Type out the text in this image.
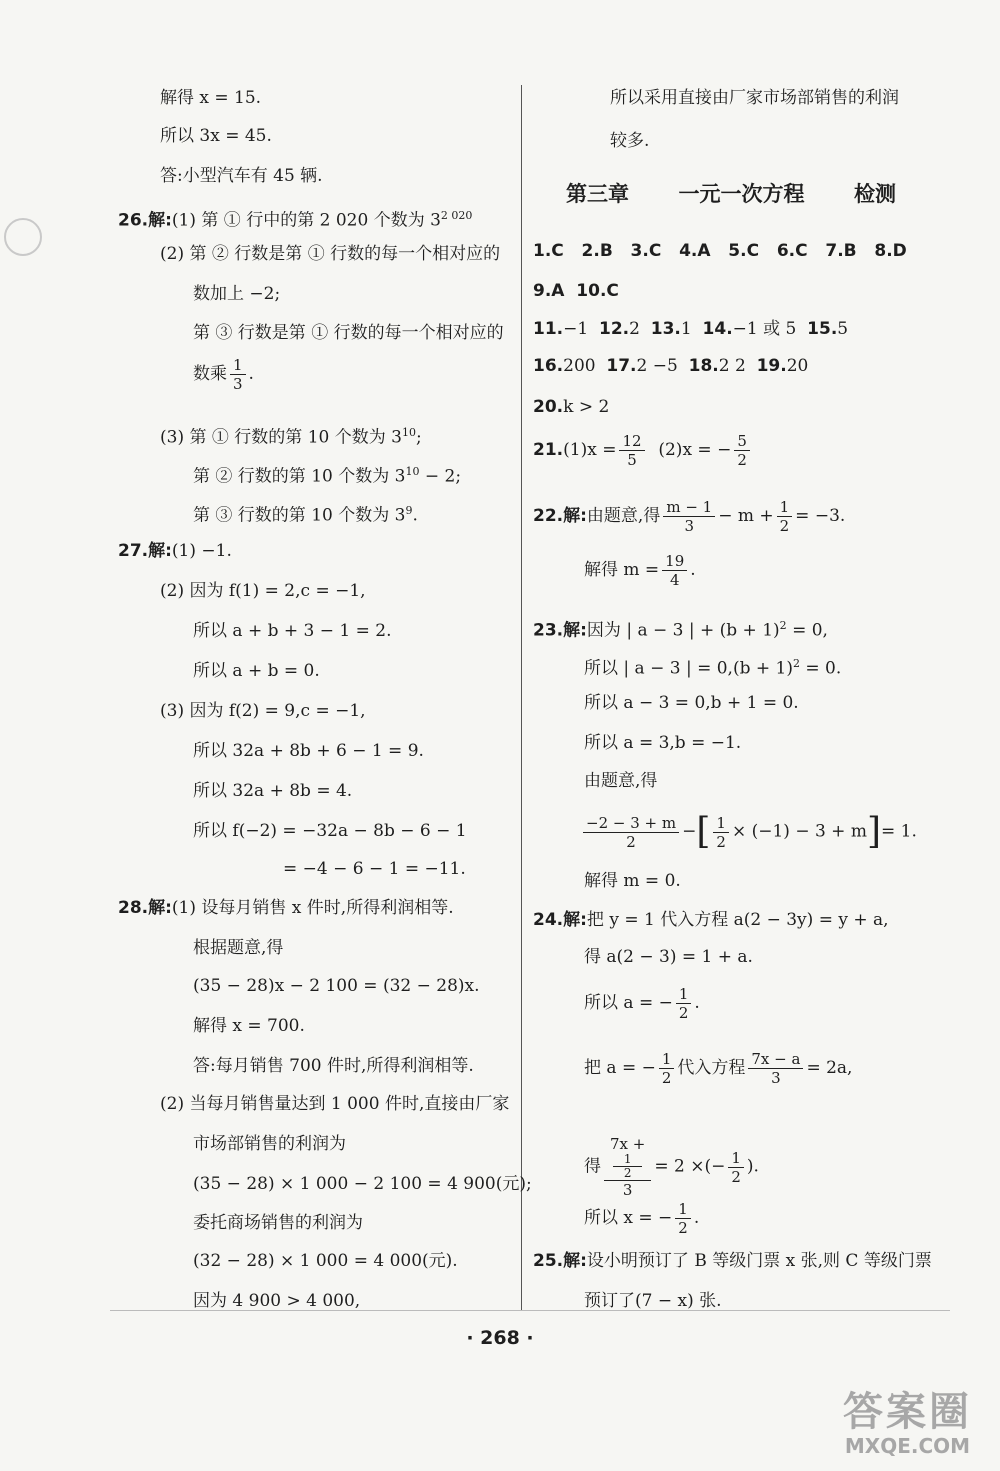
解得 x = 15.
所以 3x = 45.
答:小型汽车有 45 辆.
26.解:(1) 第 ① 行中的第 2 020 个数为 $3^{2 020}$
(2) 第 ② 行数是第 ① 行数的每一个相对应的
数加上 −2;
第 ③ 行数是第 ① 行数的每一个相对应的
数乘 $\frac{1}{3}$ .
(3) 第 ① 行数的第 10 个数为 $3^{10}$;
第 ② 行数的第 10 个数为 $3^{10} - 2$;
第 ③ 行数的第 10 个数为 $3^9$.
27.解:(1) −1.
(2) 因为 f(1) = 2,c = −1,
所以 a + b + 3 − 1 = 2.
所以 a + b = 0.
(3) 因为 f(2) = 9,c = −1,
所以 32a + 8b + 6 − 1 = 9.
所以 32a + 8b = 4.
所以 f(−2) = −32a − 8b − 6 − 1
= −4 − 6 − 1 = −11.
28.解:(1) 设每月销售 x 件时,所得利润相等.
根据题意,得
(35 − 28)x − 2 100 = (32 − 28)x.
解得 x = 700.
答:每月销售 700 件时,所得利润相等.
(2) 当每月销售量达到 1 000 件时,直接由厂家
市场部销售的利润为
(35 − 28) × 1 000 − 2 100 = 4 900(元);
委托商场销售的利润为
(32 − 28) × 1 000 = 4 000(元).
因为 4 900 > 4 000,
所以采用直接由厂家市场部销售的利润
较多.
第三章 一元一次方程 检测
1.C 2.B 3.C 4.A 5.C 6.C 7.B 8.D
9.A 10.C
11.−1 12.2 13.1 14.−1 或 5 15.5
16.200 17.2 −5 18.2 2 19.20
20.k > 2
$21.(1)x = \frac{12}{5} (2)x$ = − $\frac{5}{2}$
22.解:由题意,得 $\frac{m - 1}{3} - m + \frac{1}{2} = -3$.
解得 $m = \frac{19}{4}$ .
23.解:因为 | a − 3 | + $(b + 1)^2 = 0$,
所以 | a − 3 | = $0,(b + 1)^2 = 0$.
所以 a − 3 = 0,b + 1 = 0.
所以 a = 3,b = −1.
由题意,得
$\frac{-2 - 3 + m}{2}$ −[ $\frac{1}{2} \times (-1) - 3 + m]= 1$.
解得 m = 0.
24.解:把 y = 1 代入方程 a(2 − 3y) = y + a,
得 a(2 − 3) = 1 + a.
所以 a = − $\frac{1}{2}$ .
把 a = − $\frac{1}{2}$ 代入方程 $\frac{7x - a}{3} = 2a$,
得 7x +
1
2
3 = 2 ×(− $\frac{1}{2}$ ).
所以 x = − $\frac{1}{2}$ .
25.解:设小明预订了 B 等级门票 x 张,则 C 等级门票
预订了(7 − x) 张.
· 268 ·
答案圈
MXQE.COM
